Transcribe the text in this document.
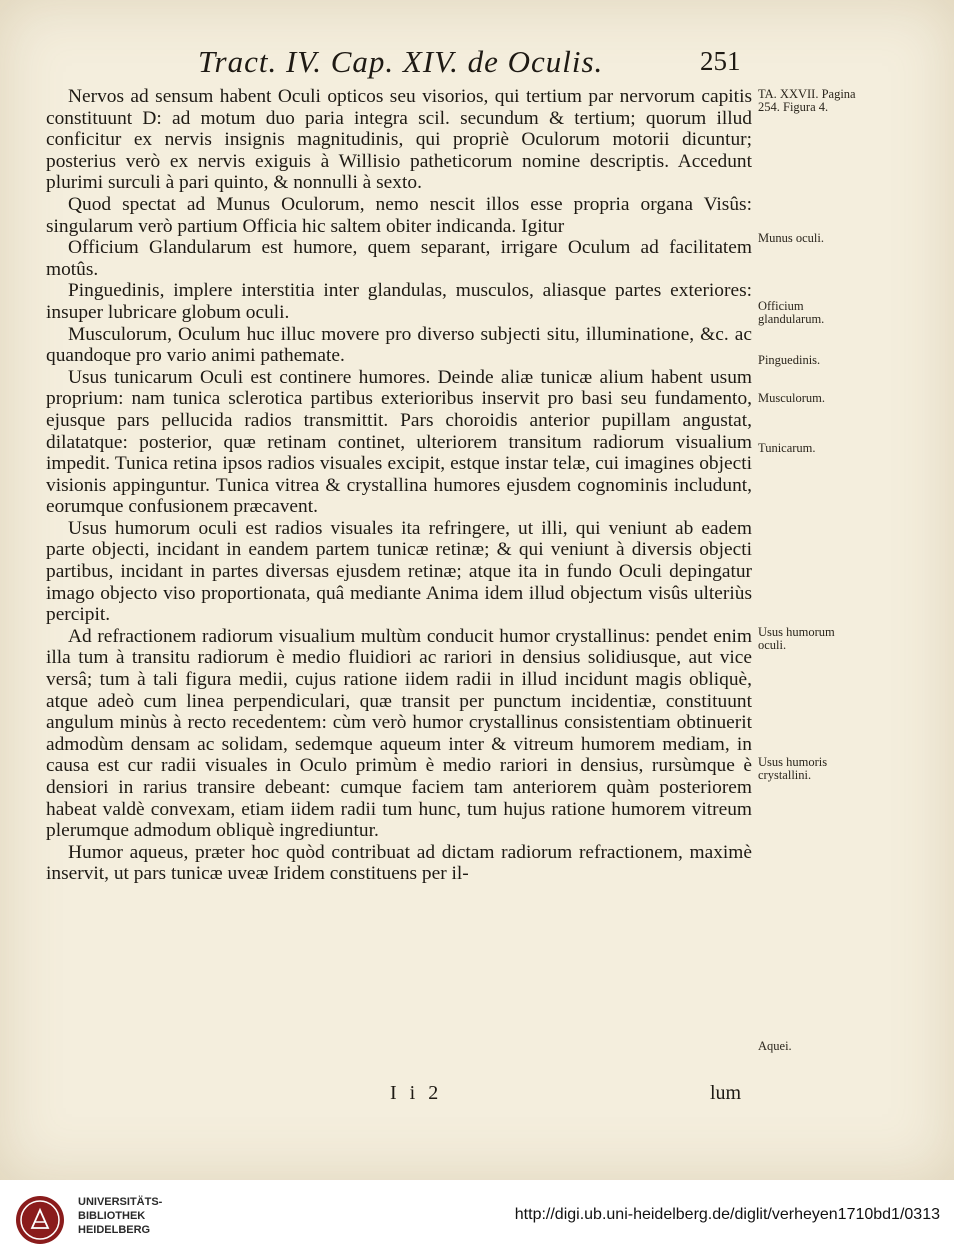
Tract. IV. Cap. XIV. de Oculis.	251

Nervos ad sensum habent Oculi opticos seu visorios, qui tertium par nervorum capitis constituunt D: ad motum duo paria integra scil. secundum & tertium; quorum illud conficitur ex nervis insignis magnitudinis, qui propriè Oculorum motorii dicuntur; posterius verò ex nervis exiguis à Willisio patheticorum nomine descriptis. Accedunt plurimi surculi à pari quinto, & nonnulli à sexto.

Quod spectat ad Munus Oculorum, nemo nescit illos esse propria organa Visûs: singularum verò partium Officia hic saltem obiter indicanda. Igitur

Officium Glandularum est humore, quem separant, irrigare Oculum ad facilitatem motûs.

Pinguedinis, implere interstitia inter glandulas, musculos, aliasque partes exteriores: insuper lubricare globum oculi.

Musculorum, Oculum huc illuc movere pro diverso subjecti situ, illuminatione, &c. ac quandoque pro vario animi pathemate.

Usus tunicarum Oculi est continere humores. Deinde aliæ tunicæ alium habent usum proprium: nam tunica sclerotica partibus exterioribus inservit pro basi seu fundamento, ejusque pars pellucida radios transmittit. Pars choroidis anterior pupillam angustat, dilatatque: posterior, quæ retinam continet, ulteriorem transitum radiorum visualium impedit. Tunica retina ipsos radios visuales excipit, estque instar telæ, cui imagines objecti visionis appinguntur. Tunica vitrea & crystallina humores ejusdem cognominis includunt, eorumque confusionem præcavent.

Usus humorum oculi est radios visuales ita refringere, ut illi, qui veniunt ab eadem parte objecti, incidant in eandem partem tunicæ retinæ; & qui veniunt à diversis objecti partibus, incidant in partes diversas ejusdem retinæ; atque ita in fundo Oculi depingatur imago objecto viso proportionata, quâ mediante Anima idem illud objectum visûs ulteriùs percipit.

Ad refractionem radiorum visualium multùm conducit humor crystallinus: pendet enim illa tum à transitu radiorum è medio fluidiori ac rariori in densius solidiusque, aut vice versâ; tum à tali figura medii, cujus ratione iidem radii in illud incidunt magis obliquè, atque adeò cum linea perpendiculari, quæ transit per punctum incidentiæ, constituunt angulum minùs à recto recedentem: cùm verò humor crystallinus consistentiam obtinuerit admodùm densam ac solidam, sedemque aqueum inter & vitreum humorem mediam, in causa est cur radii visuales in Oculo primùm è medio rariori in densius, rursùmque è densiori in rarius transire debeant: cumque faciem tam anteriorem quàm posteriorem habeat valdè convexam, etiam iidem radii tum hunc, tum hujus ratione humorem vitreum plerumque admodum obliquè ingrediuntur.

Humor aqueus, præter hoc quòd contribuat ad dictam radiorum refractionem, maximè inservit, ut pars tunicæ uveæ Iridem constituens per il-

TA. XXVII. Pagina 254. Figura 4.
Munus oculi.
Officium glandularum.
Pinguedinis.
Musculorum.
Tunicarum.
Usus humorum oculi.
Usus humoris crystallini.
Aquei.
I i 2	lum
UNIVERSITÄTS-
BIBLIOTHEK
HEIDELBERG
http://digi.ub.uni-heidelberg.de/diglit/verheyen1710bd1/0313
